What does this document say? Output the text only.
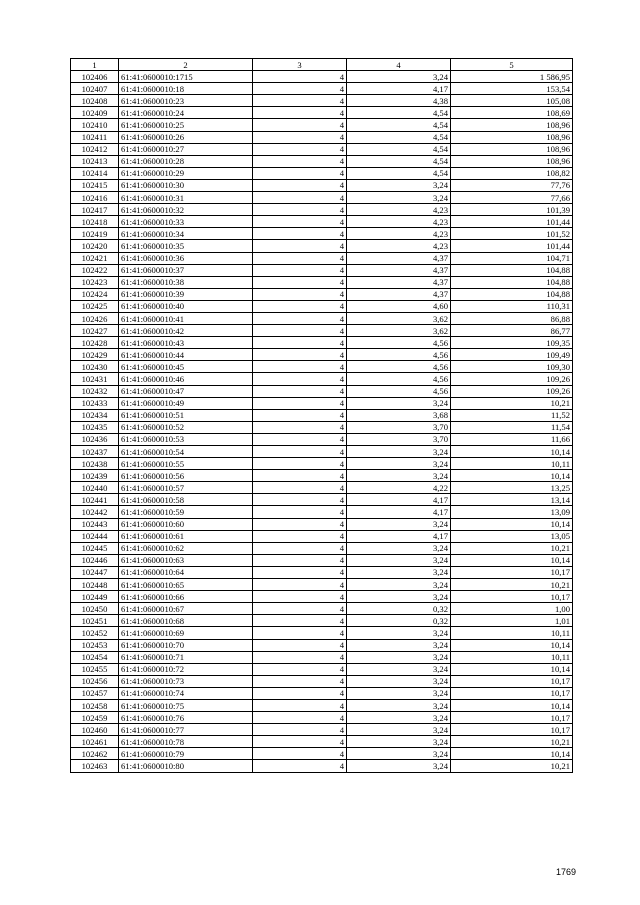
1	2	3	4	5
102406	61:41:0600010:1715	4	3,24	1 586,95
102407	61:41:0600010:18	4	4,17	153,54
102408	61:41:0600010:23	4	4,38	105,08
102409	61:41:0600010:24	4	4,54	108,69
102410	61:41:0600010:25	4	4,54	108,96
102411	61:41:0600010:26	4	4,54	108,96
102412	61:41:0600010:27	4	4,54	108,96
102413	61:41:0600010:28	4	4,54	108,96
102414	61:41:0600010:29	4	4,54	108,82
102415	61:41:0600010:30	4	3,24	77,76
102416	61:41:0600010:31	4	3,24	77,66
102417	61:41:0600010:32	4	4,23	101,39
102418	61:41:0600010:33	4	4,23	101,44
102419	61:41:0600010:34	4	4,23	101,52
102420	61:41:0600010:35	4	4,23	101,44
102421	61:41:0600010:36	4	4,37	104,71
102422	61:41:0600010:37	4	4,37	104,88
102423	61:41:0600010:38	4	4,37	104,88
102424	61:41:0600010:39	4	4,37	104,88
102425	61:41:0600010:40	4	4,60	110,31
102426	61:41:0600010:41	4	3,62	86,88
102427	61:41:0600010:42	4	3,62	86,77
102428	61:41:0600010:43	4	4,56	109,35
102429	61:41:0600010:44	4	4,56	109,49
102430	61:41:0600010:45	4	4,56	109,30
102431	61:41:0600010:46	4	4,56	109,26
102432	61:41:0600010:47	4	4,56	109,26
102433	61:41:0600010:49	4	3,24	10,21
102434	61:41:0600010:51	4	3,68	11,52
102435	61:41:0600010:52	4	3,70	11,54
102436	61:41:0600010:53	4	3,70	11,66
102437	61:41:0600010:54	4	3,24	10,14
102438	61:41:0600010:55	4	3,24	10,11
102439	61:41:0600010:56	4	3,24	10,14
102440	61:41:0600010:57	4	4,22	13,25
102441	61:41:0600010:58	4	4,17	13,14
102442	61:41:0600010:59	4	4,17	13,09
102443	61:41:0600010:60	4	3,24	10,14
102444	61:41:0600010:61	4	4,17	13,05
102445	61:41:0600010:62	4	3,24	10,21
102446	61:41:0600010:63	4	3,24	10,14
102447	61:41:0600010:64	4	3,24	10,17
102448	61:41:0600010:65	4	3,24	10,21
102449	61:41:0600010:66	4	3,24	10,17
102450	61:41:0600010:67	4	0,32	1,00
102451	61:41:0600010:68	4	0,32	1,01
102452	61:41:0600010:69	4	3,24	10,11
102453	61:41:0600010:70	4	3,24	10,14
102454	61:41:0600010:71	4	3,24	10,11
102455	61:41:0600010:72	4	3,24	10,14
102456	61:41:0600010:73	4	3,24	10,17
102457	61:41:0600010:74	4	3,24	10,17
102458	61:41:0600010:75	4	3,24	10,14
102459	61:41:0600010:76	4	3,24	10,17
102460	61:41:0600010:77	4	3,24	10,17
102461	61:41:0600010:78	4	3,24	10,21
102462	61:41:0600010:79	4	3,24	10,14
102463	61:41:0600010:80	4	3,24	10,21
1769
